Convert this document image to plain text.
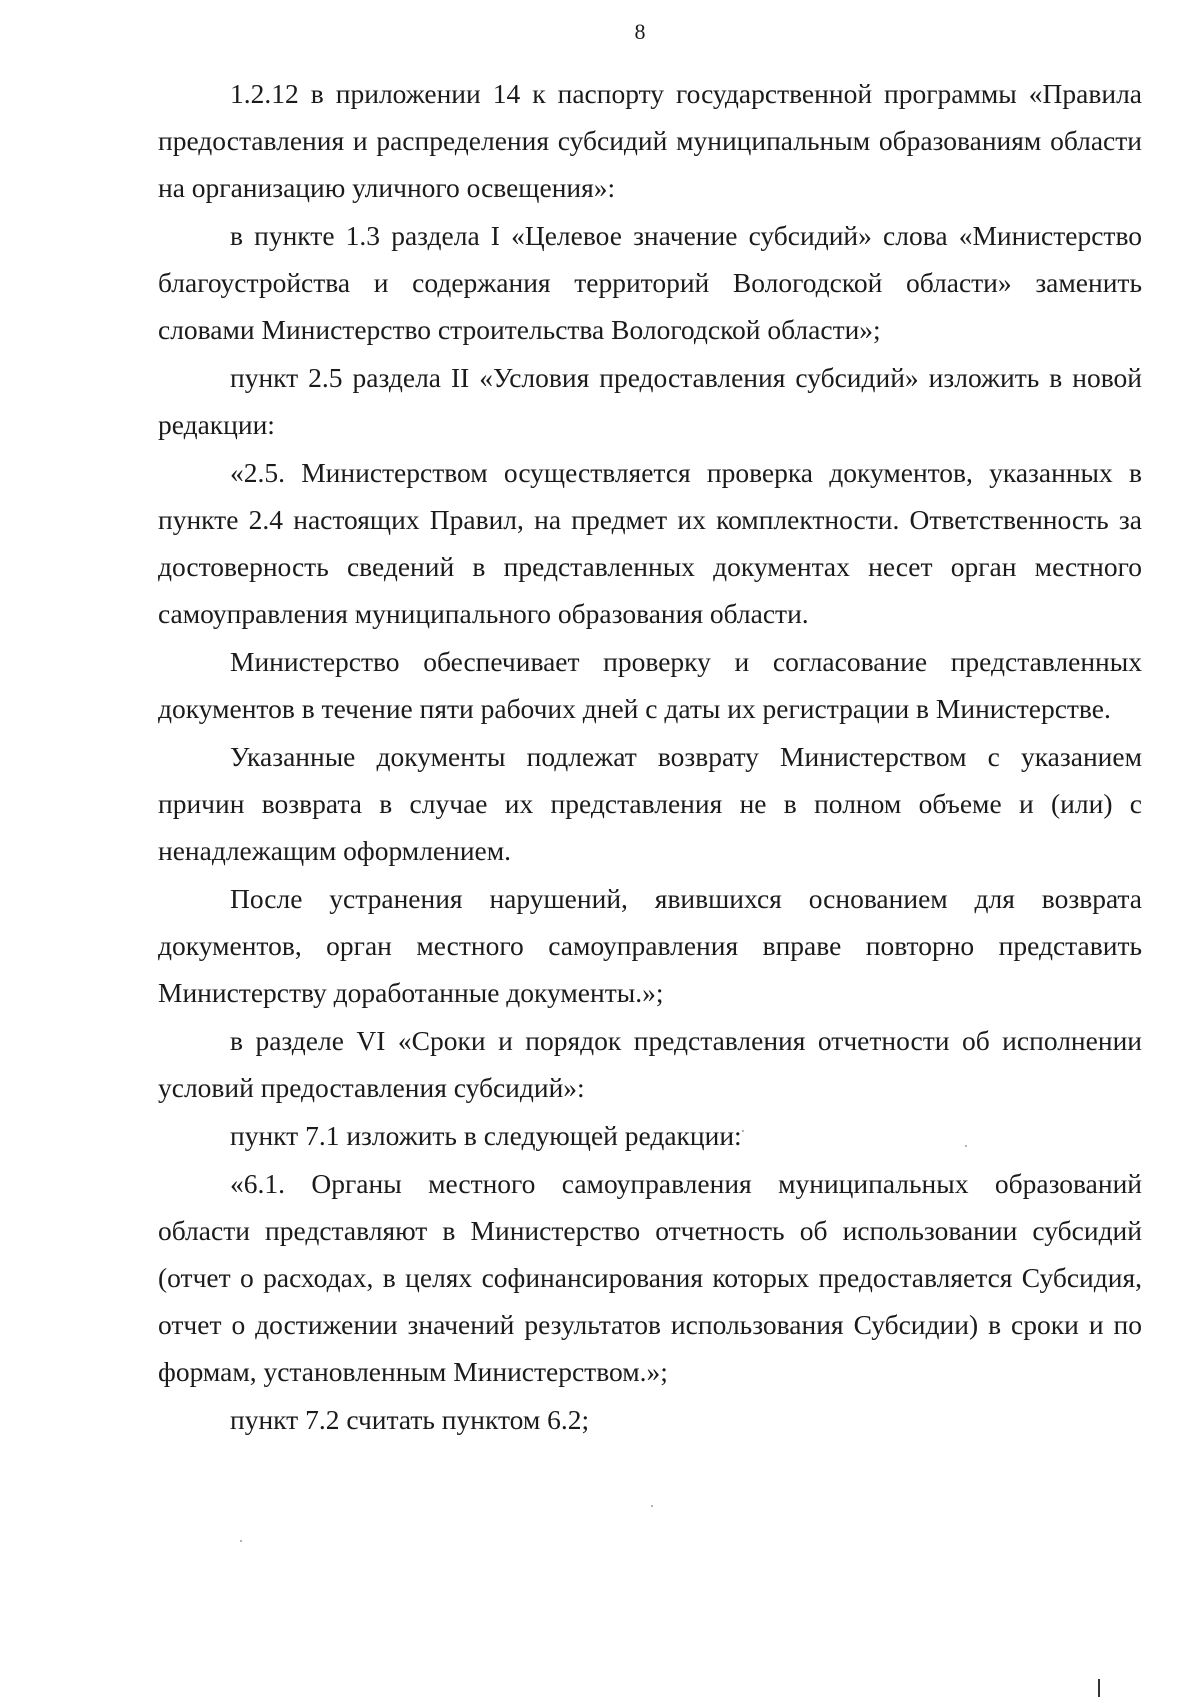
8

1.2.12 в приложении 14 к паспорту государственной программы «Правила предоставления и распределения субсидий муниципальным образованиям области на организацию уличного освещения»:

в пункте 1.3 раздела I «Целевое значение субсидий» слова «Министерство благоустройства и содержания территорий Вологодской области» заменить словами Министерство строительства Вологодской области»;

пункт 2.5 раздела II «Условия предоставления субсидий» изложить в новой редакции:

«2.5. Министерством осуществляется проверка документов, указанных в пункте 2.4 настоящих Правил, на предмет их комплектности. Ответственность за достоверность сведений в представленных документах несет орган местного самоуправления муниципального образования области.

Министерство обеспечивает проверку и согласование представленных документов в течение пяти рабочих дней с даты их регистрации в Министерстве.

Указанные документы подлежат возврату Министерством с указанием причин возврата в случае их представления не в полном объеме и (или) с ненадлежащим оформлением.

После устранения нарушений, явившихся основанием для возврата документов, орган местного самоуправления вправе повторно представить Министерству доработанные документы.»;

в разделе VI «Сроки и порядок представления отчетности об исполнении условий предоставления субсидий»:

пункт 7.1 изложить в следующей редакции:

«6.1. Органы местного самоуправления муниципальных образований области представляют в Министерство отчетность об использовании субсидий (отчет о расходах, в целях софинансирования которых предоставляется Субсидия, отчет о достижении значений результатов использования Субсидии) в сроки и по формам, установленным Министерством.»;

пункт 7.2 считать пунктом 6.2;
